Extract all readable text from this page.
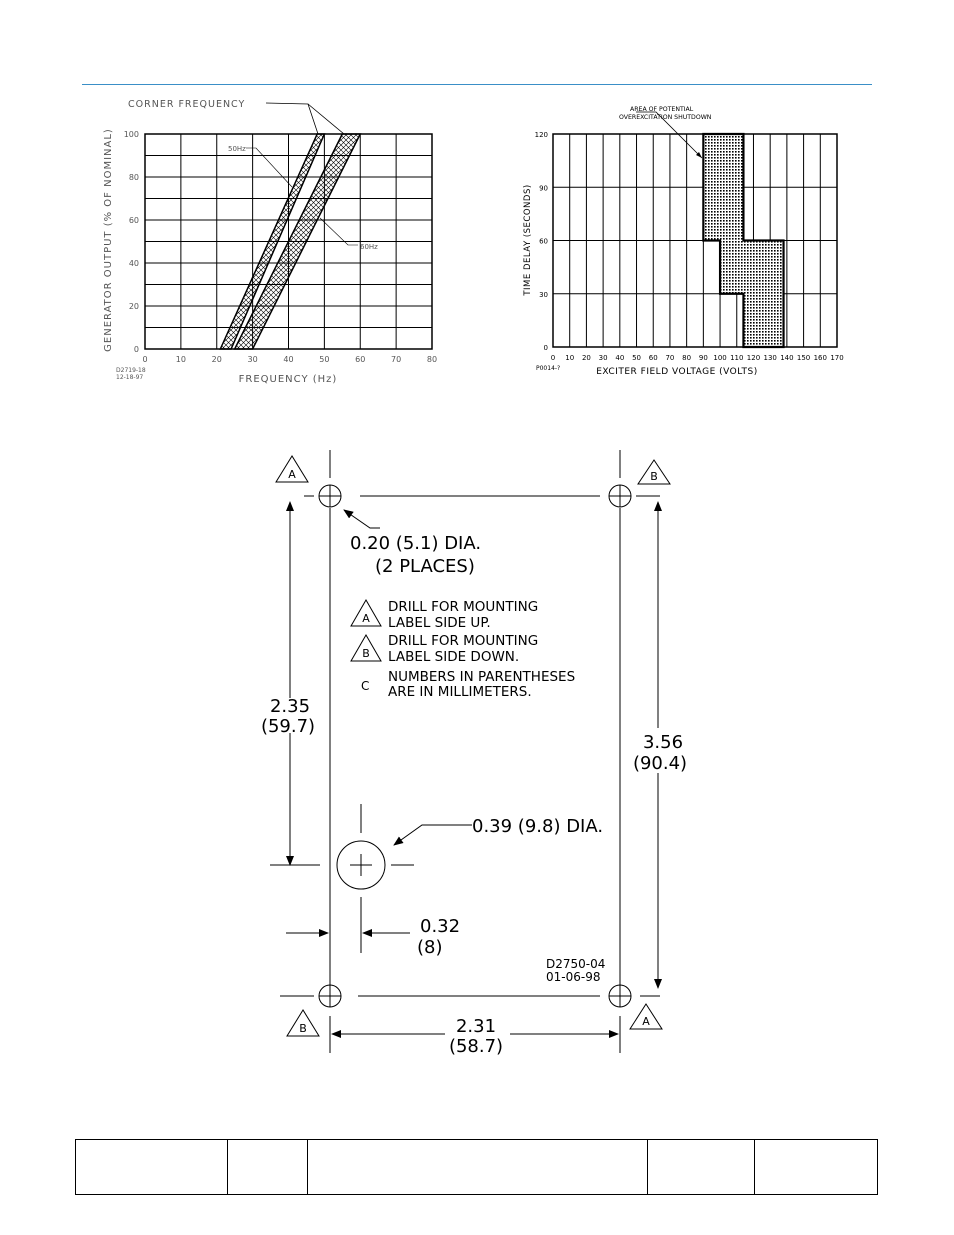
0	10	20	30	40	50	60	70	80
0
20
40
60
80
100
CORNER FREQUENCY
50Hz
60Hz
GENERATOR OUTPUT (% OF NOMINAL)
FREQUENCY (Hz)
D2719-18
12-18-97
0 10 20 30 40 50 60 70 80 90 100 110 120 130 140 150 160 170
0
30
60
90
120
AREA OF POTENTIAL
OVEREXCITATION SHUTDOWN
TIME DELAY (SECONDS)
EXCITER FIELD VOLTAGE (VOLTS)
P0014-?
A	B
B
A
A
B
0.20 (5.1) DIA.
(2 PLACES)
DRILL FOR MOUNTING
LABEL SIDE UP.
DRILL FOR MOUNTING
LABEL SIDE DOWN.
C
NUMBERS IN PARENTHESES
ARE IN MILLIMETERS.
2.35
(59.7)
3.56
(90.4)
0.39 (9.8) DIA.
0.32
(8)
D2750-04
01-06-98
2.31
(58.7)
